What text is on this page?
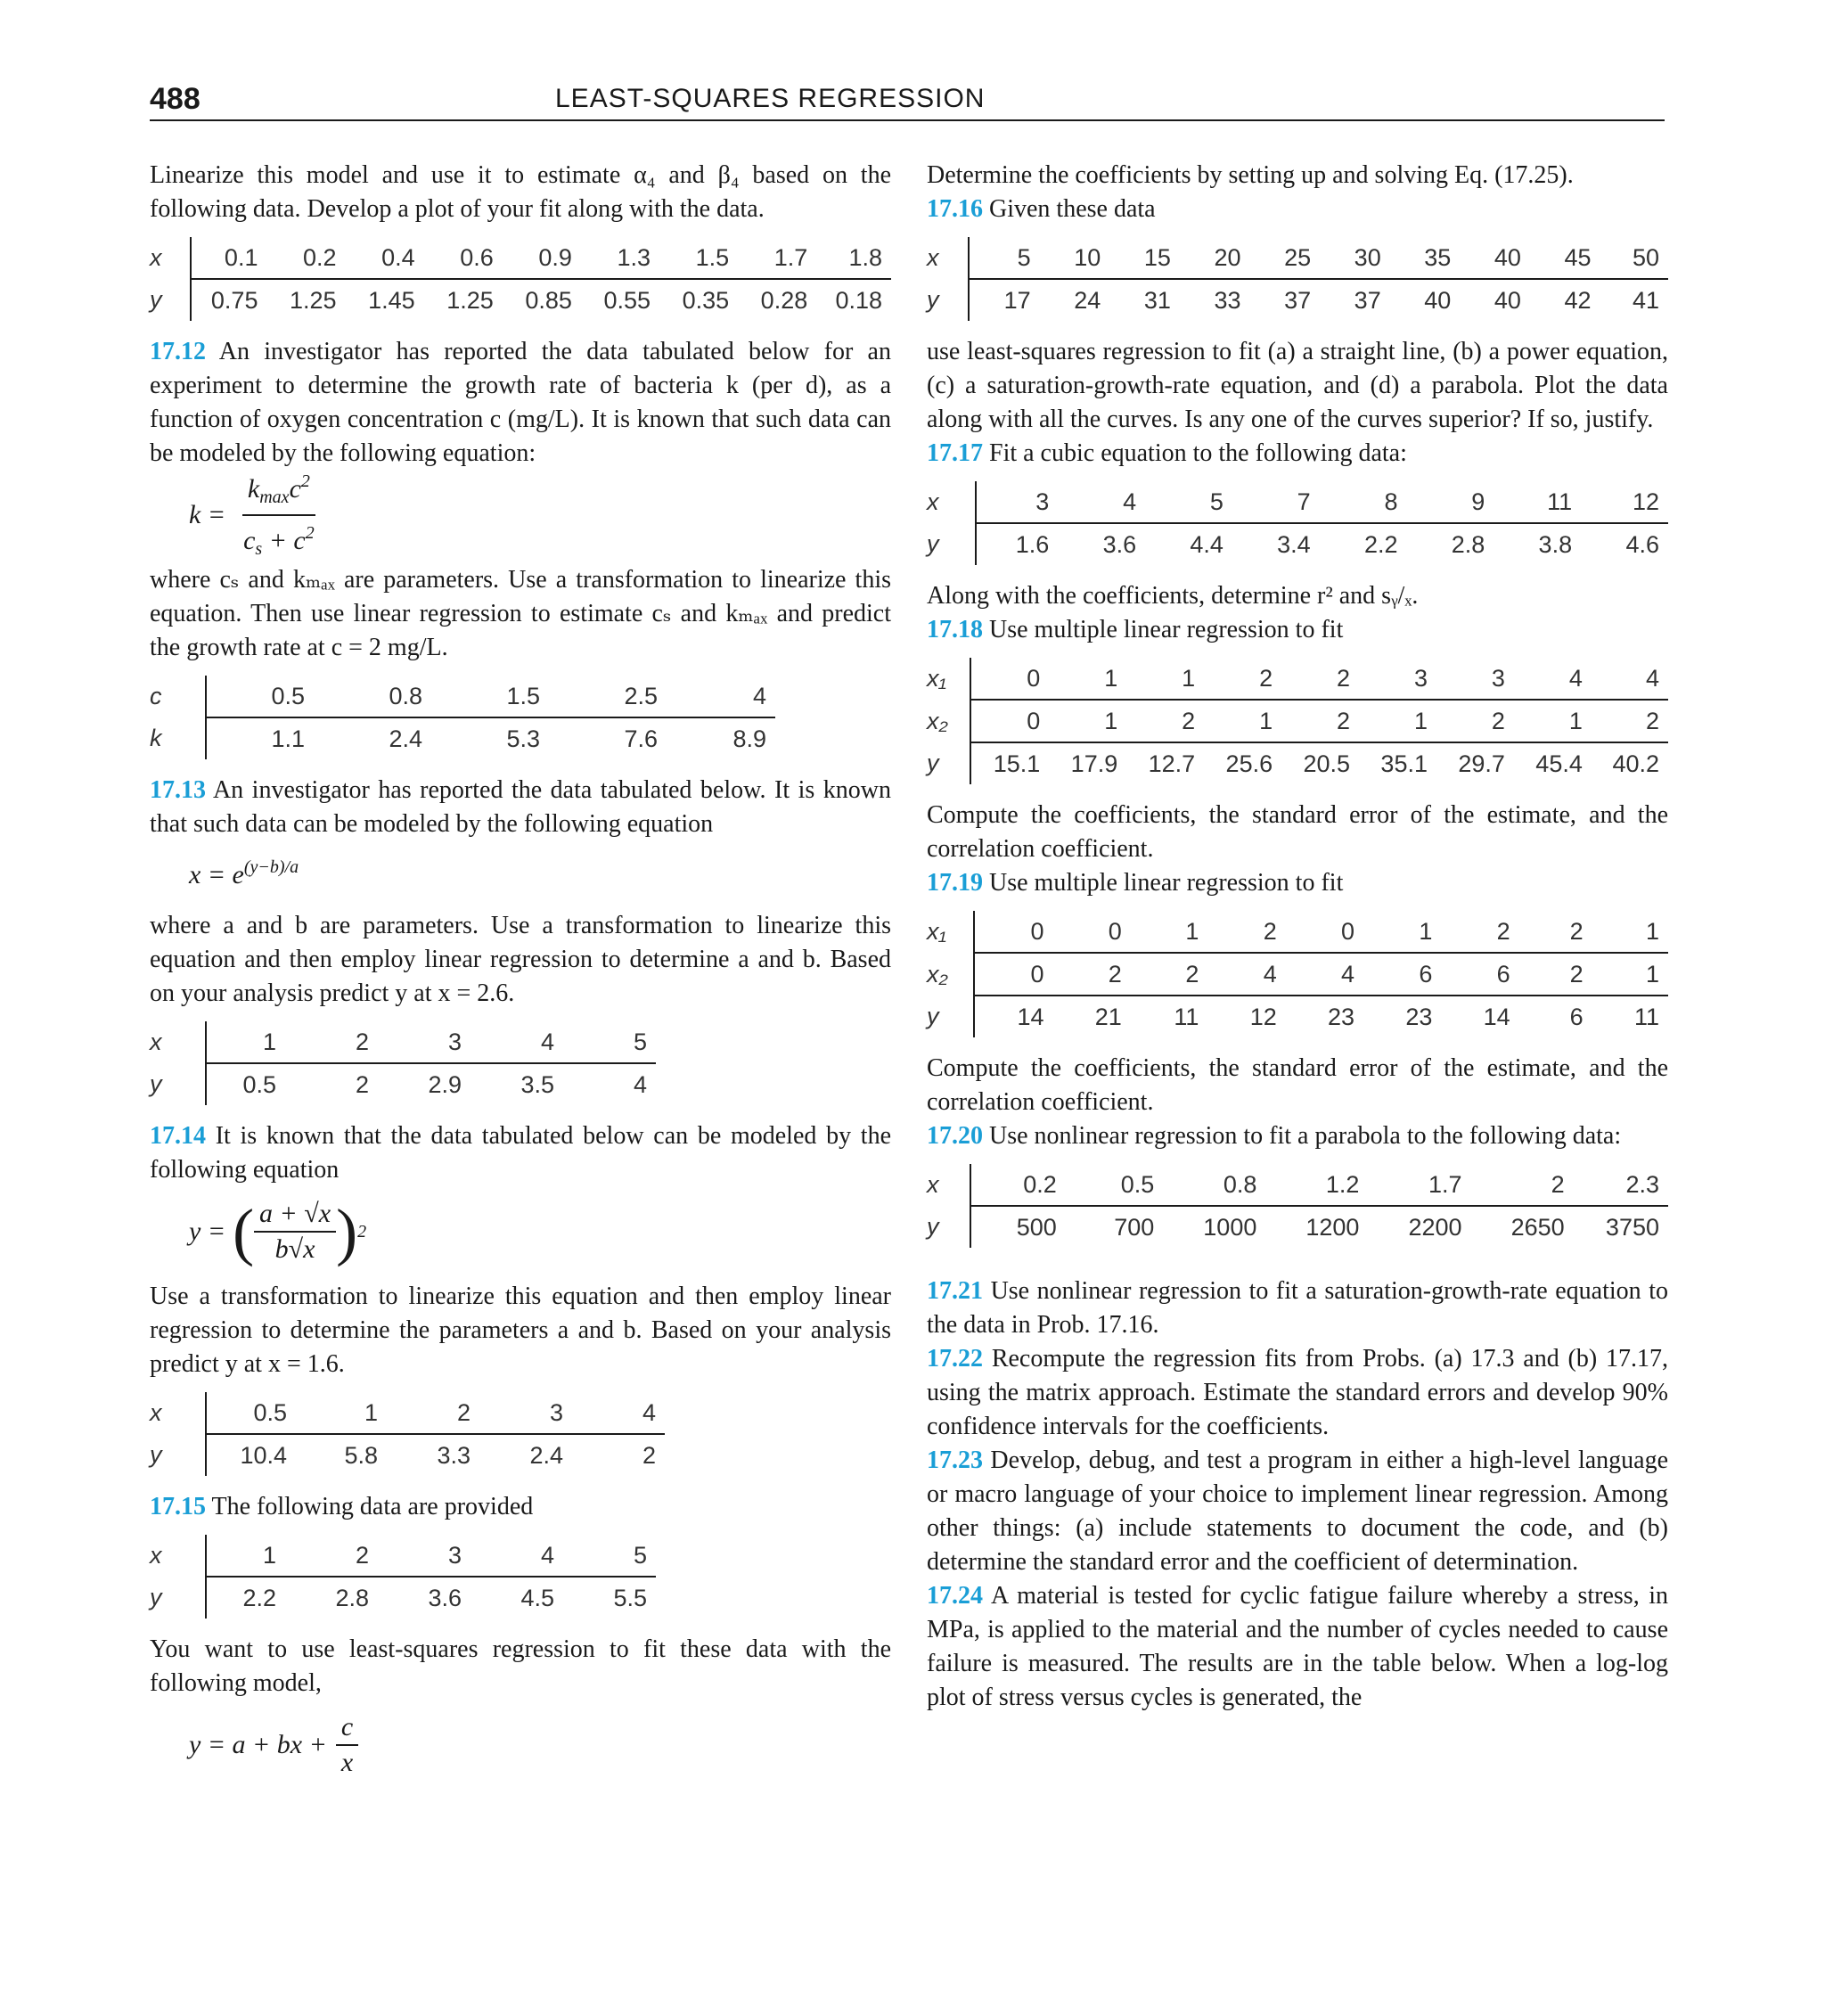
488	LEAST-SQUARES REGRESSION

Linearize this model and use it to estimate α₄ and β₄ based on the following data. Develop a plot of your fit along with the data.

x	0.1	0.2	0.4	0.6	0.9	1.3	1.5	1.7	1.8
y	0.75	1.25	1.45	1.25	0.85	0.55	0.35	0.28	0.18

17.12 An investigator has reported the data tabulated below for an experiment to determine the growth rate of bacteria k (per d), as a function of oxygen concentration c (mg/L). It is known that such data can be modeled by the following equation:

$k = \frac{k_{max}c^2}{c_s + c^2}$

where cₛ and kₘₐₓ are parameters. Use a transformation to linearize this equation. Then use linear regression to estimate cₛ and kₘₐₓ and predict the growth rate at c = 2 mg/L.

c	0.5	0.8	1.5	2.5	4
k	1.1	2.4	5.3	7.6	8.9

17.13 An investigator has reported the data tabulated below. It is known that such data can be modeled by the following equation

$x = e^{(y-b)/a}$

where a and b are parameters. Use a transformation to linearize this equation and then employ linear regression to determine a and b. Based on your analysis predict y at x = 2.6.

x	1	2	3	4	5
y	0.5	2	2.9	3.5	4

17.14 It is known that the data tabulated below can be modeled by the following equation

y = ( $\frac{a + √x}{b√x}$ ) 2

Use a transformation to linearize this equation and then employ linear regression to determine the parameters a and b. Based on your analysis predict y at x = 1.6.

x	0.5	1	2	3	4
y	10.4	5.8	3.3	2.4	2

17.15 The following data are provided

x	1	2	3	4	5
y	2.2	2.8	3.6	4.5	5.5

You want to use least-squares regression to fit these data with the following model,

y = a + bx + $\frac{c}{x}$

Determine the coefficients by setting up and solving Eq. (17.25).

17.16 Given these data

x	5	10	15	20	25	30	35	40	45	50
y	17	24	31	33	37	37	40	40	42	41

use least-squares regression to fit (a) a straight line, (b) a power equation, (c) a saturation-growth-rate equation, and (d) a parabola. Plot the data along with all the curves. Is any one of the curves superior? If so, justify.

17.17 Fit a cubic equation to the following data:

x	3	4	5	7	8	9	11	12
y	1.6	3.6	4.4	3.4	2.2	2.8	3.8	4.6

Along with the coefficients, determine r² and sᵧ/ₓ.

17.18 Use multiple linear regression to fit

x₁	0	1	1	2	2	3	3	4	4
x₂	0	1	2	1	2	1	2	1	2
y	15.1	17.9	12.7	25.6	20.5	35.1	29.7	45.4	40.2

Compute the coefficients, the standard error of the estimate, and the correlation coefficient.

17.19 Use multiple linear regression to fit

x₁	0	0	1	2	0	1	2	2	1
x₂	0	2	2	4	4	6	6	2	1
y	14	21	11	12	23	23	14	6	11

Compute the coefficients, the standard error of the estimate, and the correlation coefficient.

17.20 Use nonlinear regression to fit a parabola to the following data:

x	0.2	0.5	0.8	1.2	1.7	2	2.3
y	500	700	1000	1200	2200	2650	3750

17.21 Use nonlinear regression to fit a saturation-growth-rate equation to the data in Prob. 17.16.

17.22 Recompute the regression fits from Probs. (a) 17.3 and (b) 17.17, using the matrix approach. Estimate the standard errors and develop 90% confidence intervals for the coefficients.

17.23 Develop, debug, and test a program in either a high-level language or macro language of your choice to implement linear regression. Among other things: (a) include statements to document the code, and (b) determine the standard error and the coefficient of determination.

17.24 A material is tested for cyclic fatigue failure whereby a stress, in MPa, is applied to the material and the number of cycles needed to cause failure is measured. The results are in the table below. When a log-log plot of stress versus cycles is generated, the
